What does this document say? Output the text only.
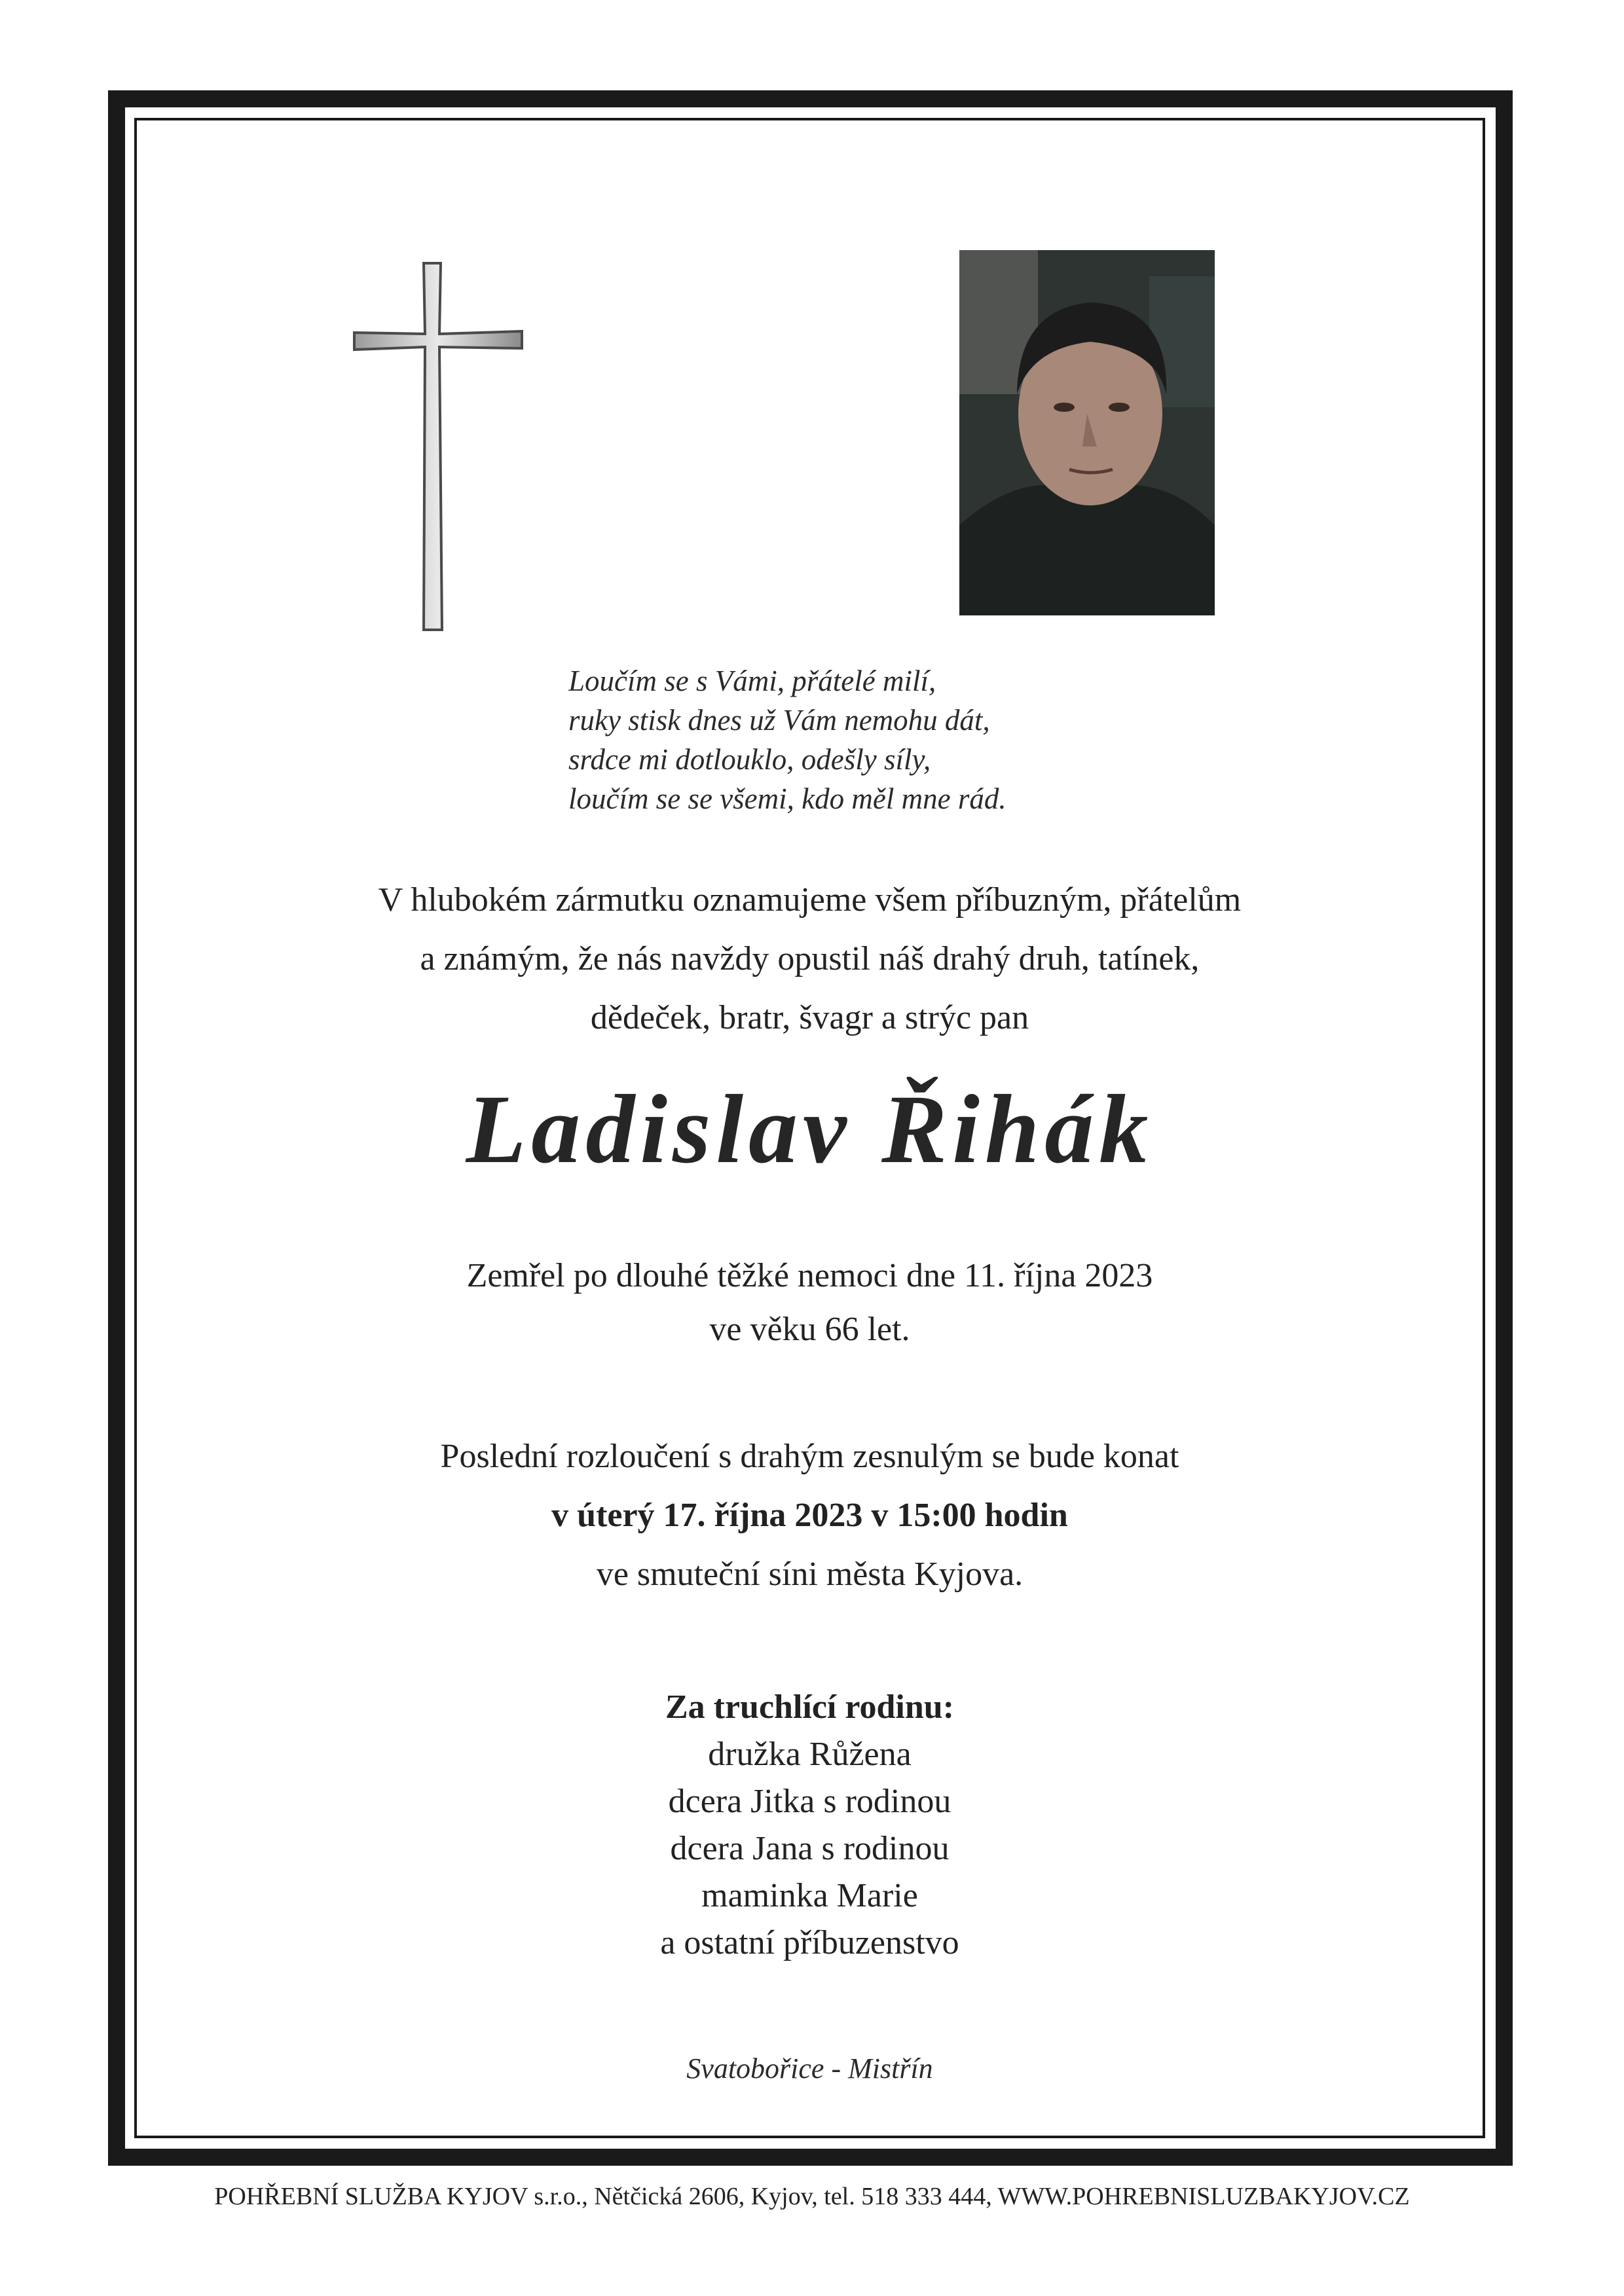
Loučím se s Vámi, přátelé milí,
ruky stisk dnes už Vám nemohu dát,
srdce mi dotlouklo, odešly síly,
loučím se se všemi, kdo měl mne rád.
V hlubokém zármutku oznamujeme všem příbuzným, přátelům
a známým, že nás navždy opustil náš drahý druh, tatínek,
dědeček, bratr, švagr a strýc pan
Ladislav Řihák
Zemřel po dlouhé těžké nemoci dne 11. října 2023
ve věku 66 let.
Poslední rozloučení s drahým zesnulým se bude konat
v úterý 17. října 2023 v 15:00 hodin
ve smuteční síni města Kyjova.
Za truchlící rodinu:
družka Růžena
dcera Jitka s rodinou
dcera Jana s rodinou
maminka Marie
a ostatní příbuzenstvo
Svatobořice - Mistřín
POHŘEBNÍ SLUŽBA KYJOV s.r.o., Nětčická 2606, Kyjov, tel. 518 333 444, WWW.POHREBNISLUZBAKYJOV.CZ
